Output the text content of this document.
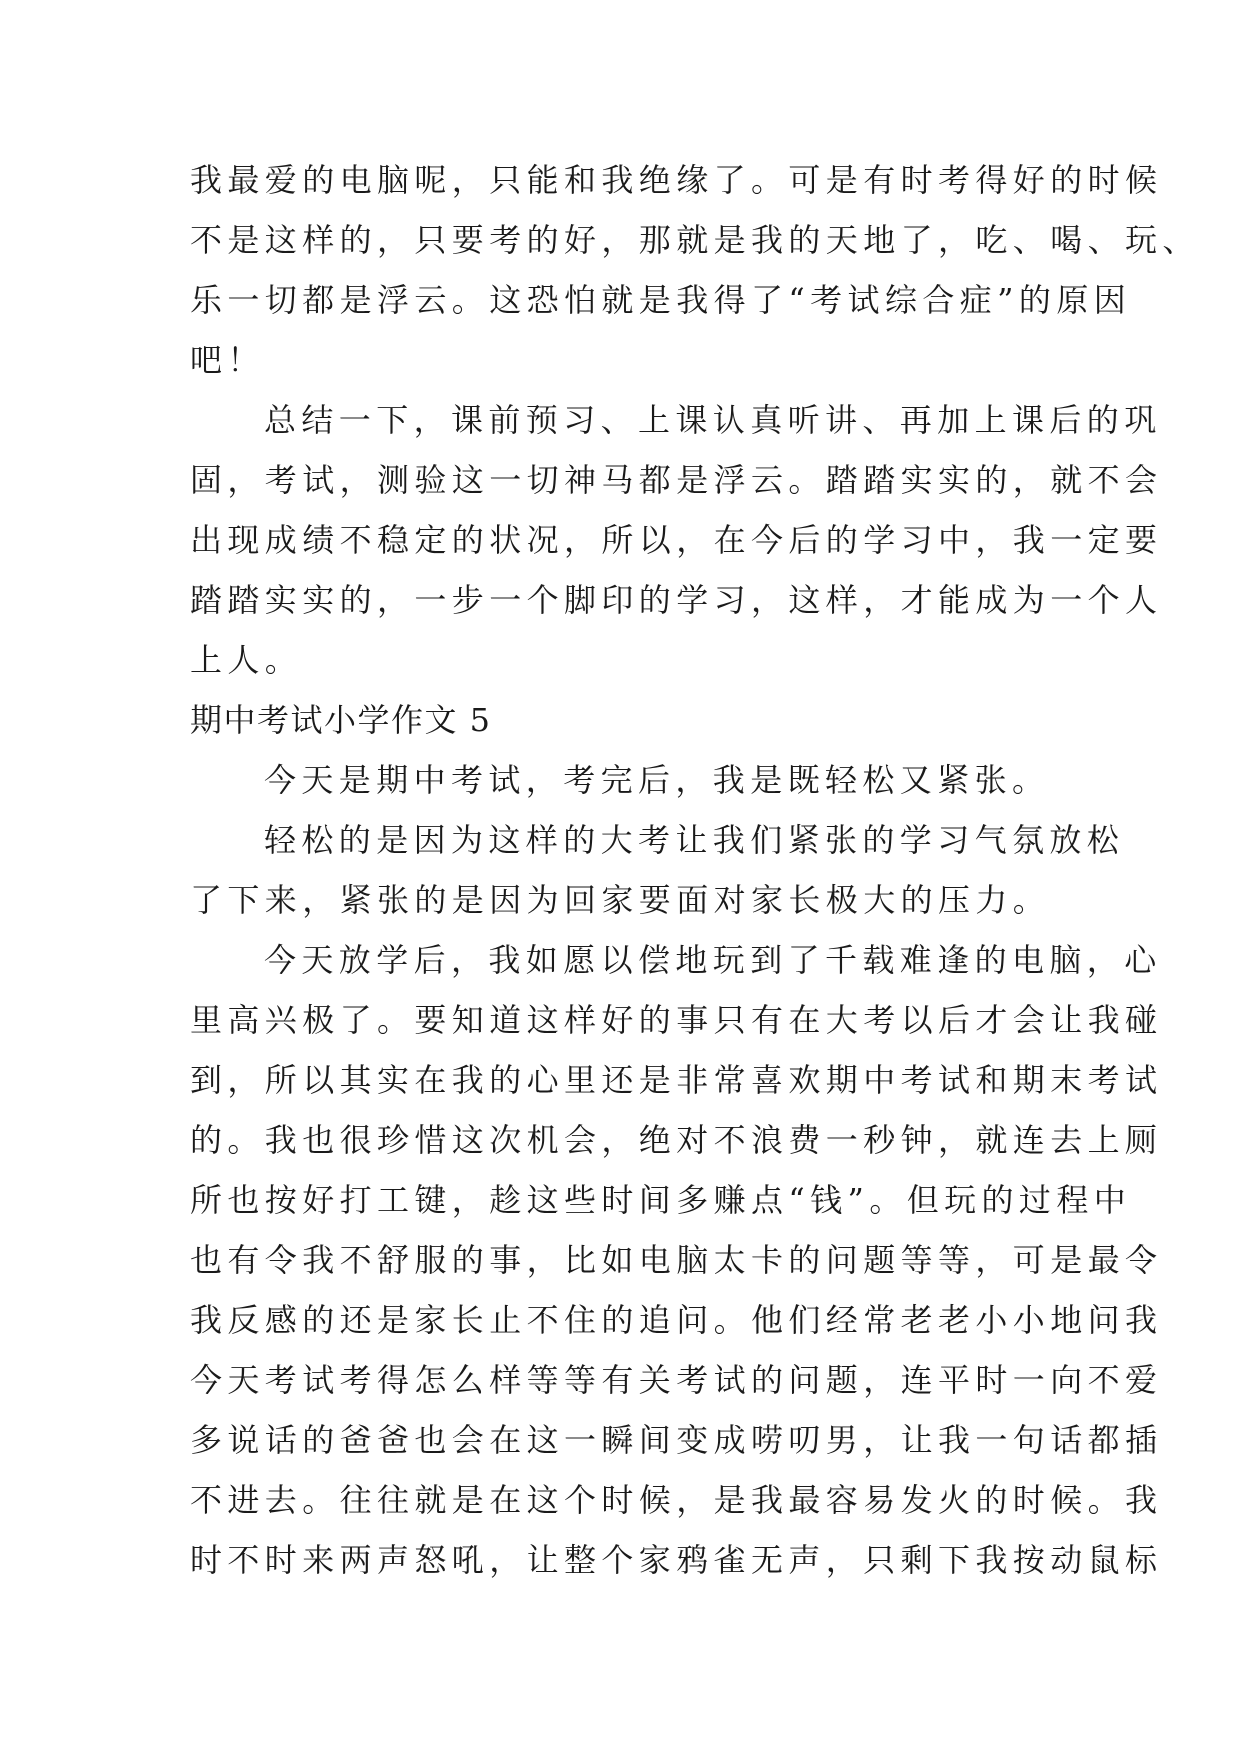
我最爱的电脑呢，只能和我绝缘了。可是有时考得好的时候
不是这样的，只要考的好，那就是我的天地了，吃、喝、玩、
乐一切都是浮云。这恐怕就是我得了“考试综合症”的原因
吧！
总结一下，课前预习、上课认真听讲、再加上课后的巩
固，考试，测验这一切神马都是浮云。踏踏实实的，就不会
出现成绩不稳定的状况，所以，在今后的学习中，我一定要
踏踏实实的，一步一个脚印的学习，这样，才能成为一个人
上人。
期中考试小学作文 5
今天是期中考试，考完后，我是既轻松又紧张。
轻松的是因为这样的大考让我们紧张的学习气氛放松
了下来，紧张的是因为回家要面对家长极大的压力。
今天放学后，我如愿以偿地玩到了千载难逢的电脑，心
里高兴极了。要知道这样好的事只有在大考以后才会让我碰
到，所以其实在我的心里还是非常喜欢期中考试和期末考试
的。我也很珍惜这次机会，绝对不浪费一秒钟，就连去上厕
所也按好打工键，趁这些时间多赚点“钱”。但玩的过程中
也有令我不舒服的事，比如电脑太卡的问题等等，可是最令
我反感的还是家长止不住的追问。他们经常老老小小地问我
今天考试考得怎么样等等有关考试的问题，连平时一向不爱
多说话的爸爸也会在这一瞬间变成唠叨男，让我一句话都插
不进去。往往就是在这个时候，是我最容易发火的时候。我
时不时来两声怒吼，让整个家鸦雀无声，只剩下我按动鼠标
